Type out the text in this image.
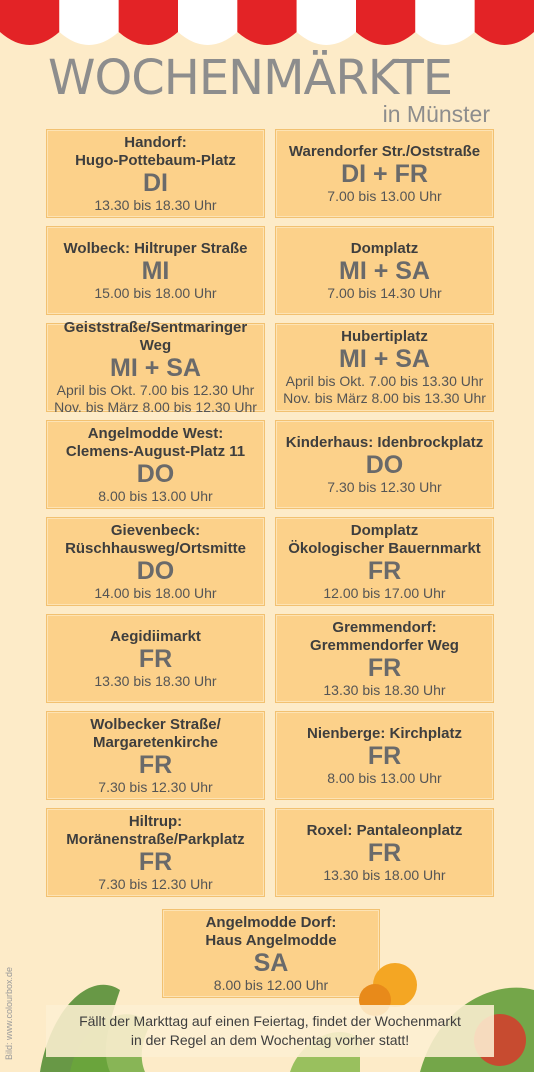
WOCHENMÄRKTE
in Münster
Handorf:
Hugo-Pottebaum-Platz
DI
13.30 bis 18.30 Uhr
Warendorfer Str./Oststraße
DI + FR
7.00 bis 13.00 Uhr
Wolbeck: Hiltruper Straße
MI
15.00 bis 18.00 Uhr
Domplatz
MI + SA
7.00 bis 14.30 Uhr
Geiststraße/Sentmaringer Weg
MI + SA
April bis Okt. 7.00 bis 12.30 Uhr
Nov. bis März 8.00 bis 12.30 Uhr
Hubertiplatz
MI + SA
April bis Okt. 7.00 bis 13.30 Uhr
Nov. bis März 8.00 bis 13.30 Uhr
Angelmodde West:
Clemens-August-Platz 11
DO
8.00 bis 13.00 Uhr
Kinderhaus: Idenbrockplatz
DO
7.30 bis 12.30 Uhr
Gievenbeck:
Rüschhausweg/Ortsmitte
DO
14.00 bis 18.00 Uhr
Domplatz
Ökologischer Bauernmarkt
FR
12.00 bis 17.00 Uhr
Aegidiimarkt
FR
13.30 bis 18.30 Uhr
Gremmendorf:
Gremmendorfer Weg
FR
13.30 bis 18.30 Uhr
Wolbecker Straße/
Margaretenkirche
FR
7.30 bis 12.30 Uhr
Nienberge: Kirchplatz
FR
8.00 bis 13.00 Uhr
Hiltrup:
Moränenstraße/Parkplatz
FR
7.30 bis 12.30 Uhr
Roxel: Pantaleonplatz
FR
13.30 bis 18.00 Uhr
Angelmodde Dorf:
Haus Angelmodde
SA
8.00 bis 12.00 Uhr
Fällt der Markttag auf einen Feiertag, findet der Wochenmarkt
in der Regel an dem Wochentag vorher statt!
Bild: www.colourbox.de
